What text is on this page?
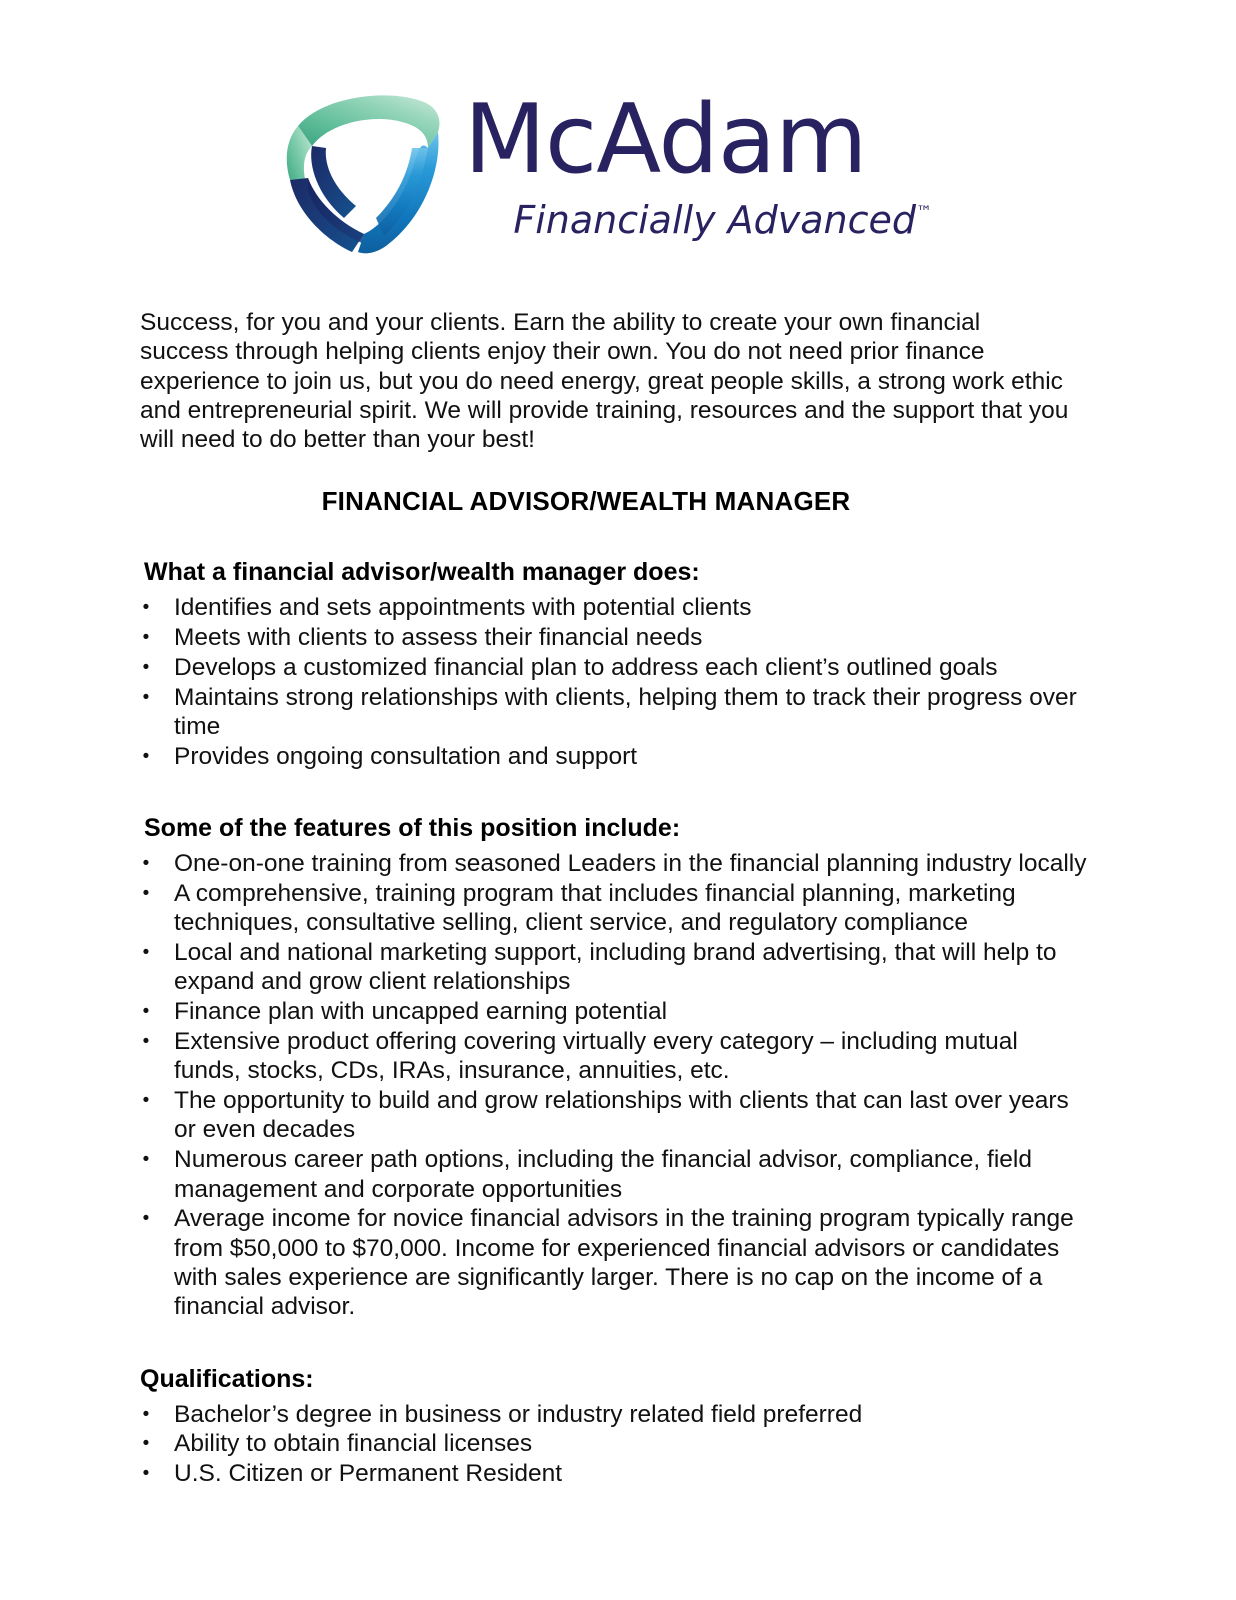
McAdam
Financially Advanced™

Success, for you and your clients. Earn the ability to create your own financial success through helping clients enjoy their own. You do not need prior finance experience to join us, but you do need energy, great people skills, a strong work ethic and entrepreneurial spirit. We will provide training, resources and the support that you will need to do better than your best!

FINANCIAL ADVISOR/WEALTH MANAGER
What a financial advisor/wealth manager does:
•	Identifies and sets appointments with potential clients
•	Meets with clients to assess their financial needs
•	Develops a customized financial plan to address each client’s outlined goals
•	Maintains strong relationships with clients, helping them to track their progress over time
•	Provides ongoing consultation and support
Some of the features of this position include:
•	One-on-one training from seasoned Leaders in the financial planning industry locally
•	A comprehensive, training program that includes financial planning, marketing techniques, consultative selling, client service, and regulatory compliance
•	Local and national marketing support, including brand advertising, that will help to expand and grow client relationships
•	Finance plan with uncapped earning potential
•	Extensive product offering covering virtually every category – including mutual funds, stocks, CDs, IRAs, insurance, annuities, etc.
•	The opportunity to build and grow relationships with clients that can last over years or even decades
•	Numerous career path options, including the financial advisor, compliance, field management and corporate opportunities
•	Average income for novice financial advisors in the training program typically range from $50,000 to $70,000. Income for experienced financial advisors or candidates with sales experience are significantly larger. There is no cap on the income of a financial advisor.
Qualifications:
•	Bachelor’s degree in business or industry related field preferred
•	Ability to obtain financial licenses
•	U.S. Citizen or Permanent Resident
